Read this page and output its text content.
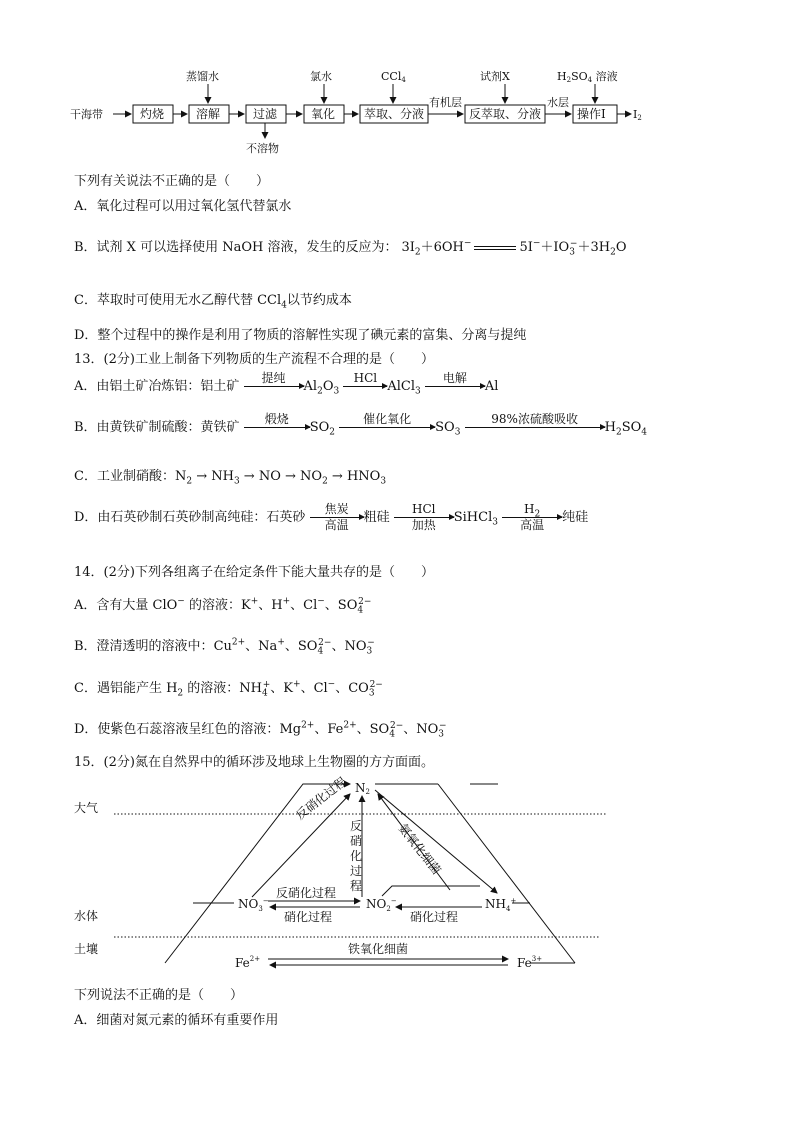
干海带	灼烧	溶解
蒸馏水
过滤
不溶物
氧化
氯水
萃取、分液
CCl4
有机层
反萃取、分液
试剂X
水层
操作I
H2SO4 溶液
I2
下列有关说法不正确的是（　　）
A．氧化过程可以用过氧化氢代替氯水
B．试剂 X 可以选择使用 NaOH 溶液，发生的反应为： $3I_2+6OH^-$	$5I^-+IO_3^-+3H_2O$
C．萃取时可使用无水乙醇代替 CCl$_4$以节约成本
D．整个过程中的操作是利用了物质的溶解性实现了碘元素的富集、分离与提纯
13．(2分)工业上制备下列物质的生产流程不合理的是（　　）
A．由铝土矿冶炼铝：铝土矿
提纯

$Al_2O_3$
HCl

AlCl$_3$
电解

Al
B．由黄铁矿制硫酸：黄铁矿
煅烧

$SO_2$
催化氧化

$SO_3$
98%浓硫酸吸收

$H_2SO_4$
C．工业制硝酸：$N_2 \to NH_3$ → NO → $NO_2 \to HNO_3$
D．由石英砂制石英砂制高纯硅：石英砂
焦炭
高温	粗硅
HCl
加热	SiHCl$_3$
$H_2$
高温	纯硅
14．(2分)下列各组离子在给定条件下能大量共存的是（　　）
A．含有大量 ClO− 的溶液：K+、H+、Cl−、$SO_4^{2-}$
B．澄清透明的溶液中：$Cu^{2+}$、Na+、$SO_4^{2-}$、$NO_3^-$
C．遇铝能产生 $H_2$ 的溶液：$NH_4^+$、K+、Cl−、$CO_3^{2-}$
D．使紫色石蕊溶液呈红色的溶液：$Mg^{2+}$、$Fe^{2+}$、$SO_4^{2-}$、$NO_3^-$
15．(2分)氮在自然界中的循环涉及地球上生物圈的方方面面。
大气
水体
土壤
N2
$NO_3^-$	$NO_2^-$	$NH_4^+$
反硝化过程
硝化过程	硝化过程
反硝化过程
反硝化过程
氨氧化细菌
$Fe^{2+}$	$Fe^{3+}$
铁氧化细菌
下列说法不正确的是（　　）
A．细菌对氮元素的循环有重要作用
